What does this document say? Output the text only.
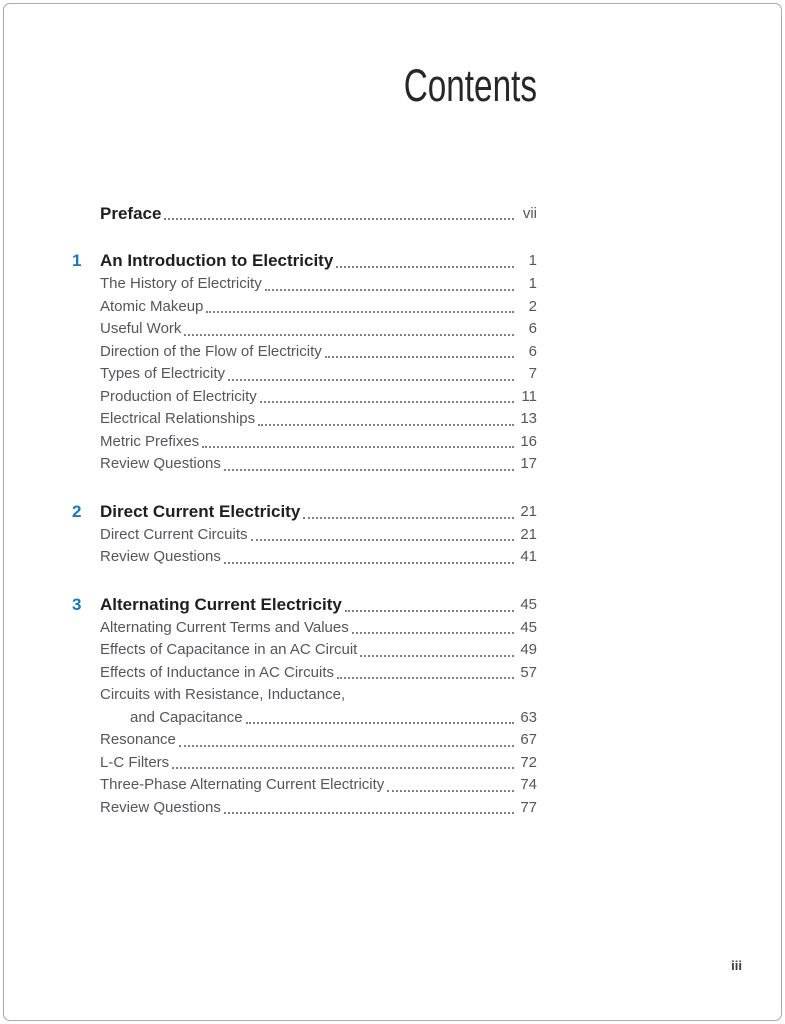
Contents
Preface	vii
1	An Introduction to Electricity	1
The History of Electricity	1
Atomic Makeup	2
Useful Work	6
Direction of the Flow of Electricity	6
Types of Electricity	7
Production of Electricity	11
Electrical Relationships	13
Metric Prefixes	16
Review Questions	17
2	Direct Current Electricity	21
Direct Current Circuits	21
Review Questions	41
3	Alternating Current Electricity	45
Alternating Current Terms and Values	45
Effects of Capacitance in an AC Circuit	49
Effects of Inductance in AC Circuits	57
Circuits with Resistance, Inductance,
and Capacitance	63
Resonance	67
L-C Filters	72
Three-Phase Alternating Current Electricity	74
Review Questions	77
iii
